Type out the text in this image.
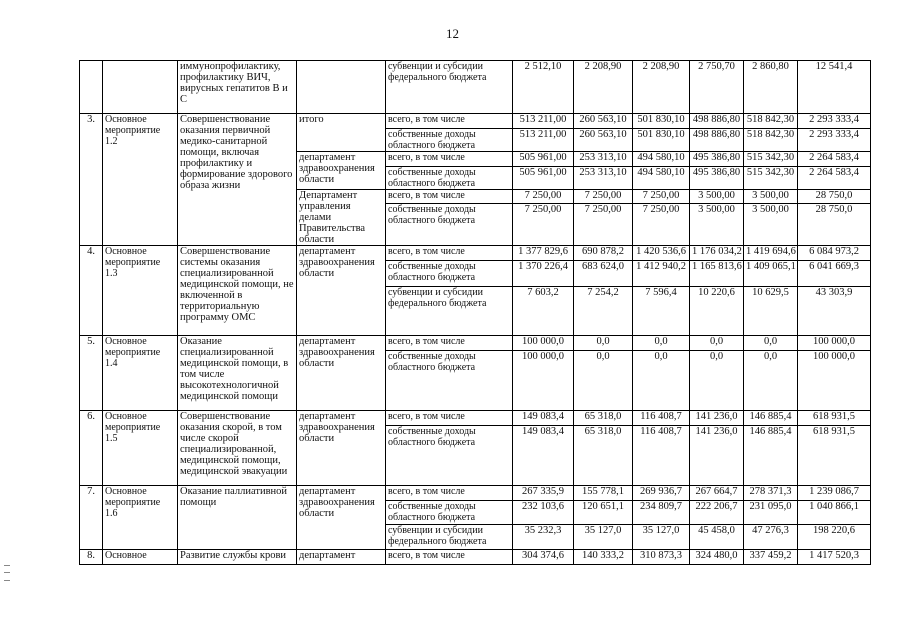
12
		иммунопрофилактику, профилактику ВИЧ, вирусных гепатитов В и С		субвенции и субсидии федерального бюджета	2 512,10	2 208,90	2 208,90	2 750,70	2 860,80	12 541,4
3.	Основное мероприятие 1.2	Совершенствование оказания первичной медико-санитарной помощи, включая профилактику и формирование здорового образа жизни	итого	всего, в том числе	513 211,00	260 563,10	501 830,10	498 886,80	518 842,30	2 293 333,4
				собственные доходы областного бюджета	513 211,00	260 563,10	501 830,10	498 886,80	518 842,30	2 293 333,4
			департамент здравоохранения области	всего, в том числе	505 961,00	253 313,10	494 580,10	495 386,80	515 342,30	2 264 583,4
				собственные доходы областного бюджета	505 961,00	253 313,10	494 580,10	495 386,80	515 342,30	2 264 583,4
			Департамент управления делами Правительства области	всего, в том числе	7 250,00	7 250,00	7 250,00	3 500,00	3 500,00	28 750,0
				собственные доходы областного бюджета	7 250,00	7 250,00	7 250,00	3 500,00	3 500,00	28 750,0
4.	Основное мероприятие 1.3	Совершенствование системы оказания специализированной медицинской помощи, не включенной в территориальную программу ОМС	департамент здравоохранения области	всего, в том числе	1 377 829,6	690 878,2	1 420 536,6	1 176 034,2	1 419 694,6	6 084 973,2
				собственные доходы областного бюджета	1 370 226,4	683 624,0	1 412 940,2	1 165 813,6	1 409 065,1	6 041 669,3
				субвенции и субсидии федерального бюджета	7 603,2	7 254,2	7 596,4	10 220,6	10 629,5	43 303,9
5.	Основное мероприятие 1.4	Оказание специализированной медицинской помощи, в том числе высокотехнологичной медицинской помощи	департамент здравоохранения области	всего, в том числе	100 000,0	0,0	0,0	0,0	0,0	100 000,0
				собственные доходы областного бюджета	100 000,0	0,0	0,0	0,0	0,0	100 000,0
6.	Основное мероприятие 1.5	Совершенствование оказания скорой, в том числе скорой специализированной, медицинской помощи, медицинской эвакуации	департамент здравоохранения области	всего, в том числе	149 083,4	65 318,0	116 408,7	141 236,0	146 885,4	618 931,5
				собственные доходы областного бюджета	149 083,4	65 318,0	116 408,7	141 236,0	146 885,4	618 931,5
7.	Основное мероприятие 1.6	Оказание паллиативной помощи	департамент здравоохранения области	всего, в том числе	267 335,9	155 778,1	269 936,7	267 664,7	278 371,3	1 239 086,7
				собственные доходы областного бюджета	232 103,6	120 651,1	234 809,7	222 206,7	231 095,0	1 040 866,1
				субвенции и субсидии федерального бюджета	35 232,3	35 127,0	35 127,0	45 458,0	47 276,3	198 220,6
8.	Основное	Развитие службы крови	департамент	всего, в том числе	304 374,6	140 333,2	310 873,3	324 480,0	337 459,2	1 417 520,3
